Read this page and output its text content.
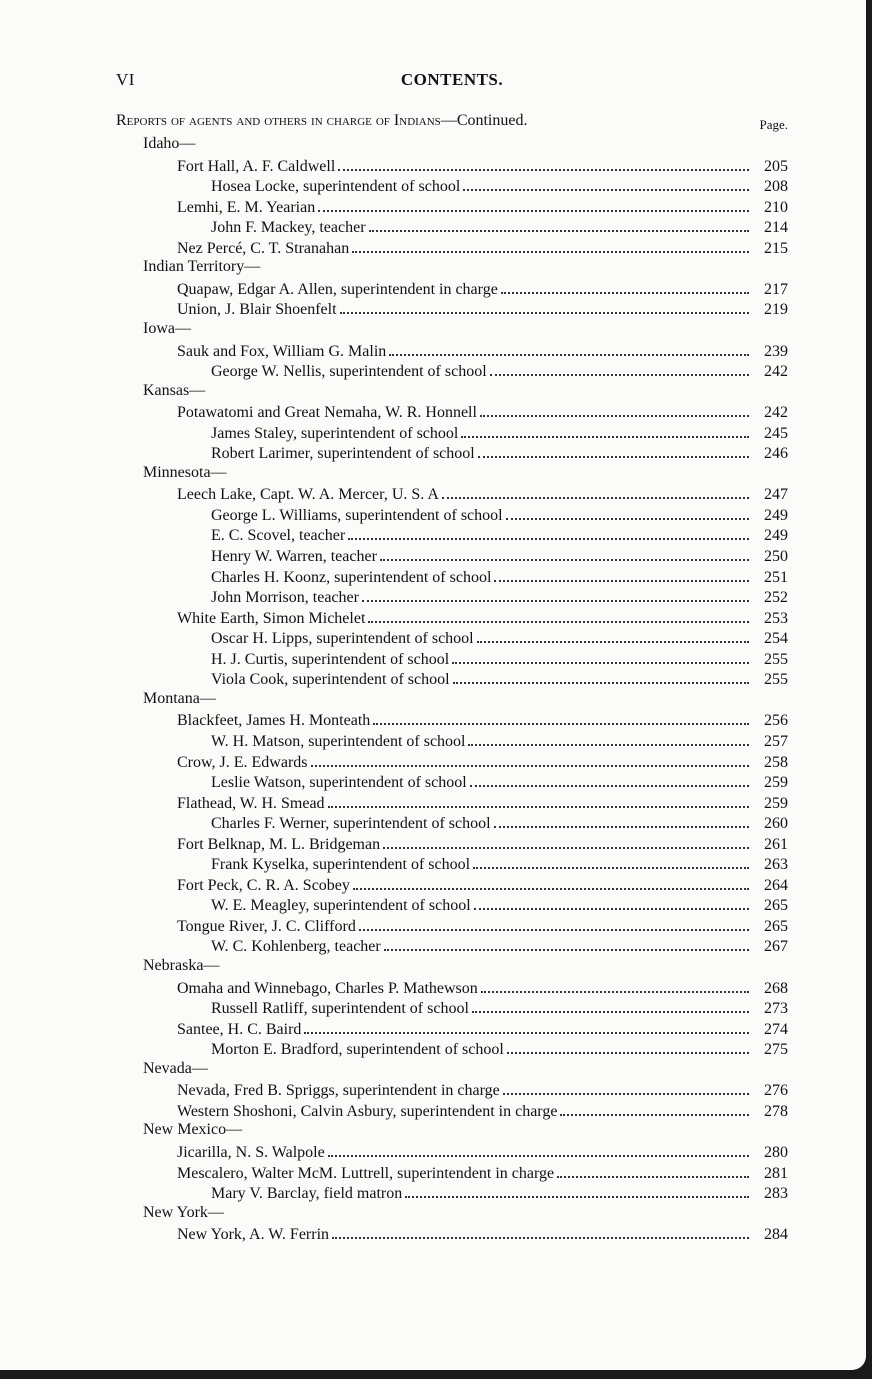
VI	CONTENTS.
Reports of agents and others in charge of Indians—Continued.	Page.
Idaho—
Fort Hall, A. F. Caldwell	205
Hosea Locke, superintendent of school	208
Lemhi, E. M. Yearian	210
John F. Mackey, teacher	214
Nez Percé, C. T. Stranahan	215
Indian Territory—
Quapaw, Edgar A. Allen, superintendent in charge	217
Union, J. Blair Shoenfelt	219
Iowa—
Sauk and Fox, William G. Malin	239
George W. Nellis, superintendent of school	242
Kansas—
Potawatomi and Great Nemaha, W. R. Honnell	242
James Staley, superintendent of school	245
Robert Larimer, superintendent of school	246
Minnesota—
Leech Lake, Capt. W. A. Mercer, U. S. A	247
George L. Williams, superintendent of school	249
E. C. Scovel, teacher	249
Henry W. Warren, teacher	250
Charles H. Koonz, superintendent of school	251
John Morrison, teacher	252
White Earth, Simon Michelet	253
Oscar H. Lipps, superintendent of school	254
H. J. Curtis, superintendent of school	255
Viola Cook, superintendent of school	255
Montana—
Blackfeet, James H. Monteath	256
W. H. Matson, superintendent of school	257
Crow, J. E. Edwards	258
Leslie Watson, superintendent of school	259
Flathead, W. H. Smead	259
Charles F. Werner, superintendent of school	260
Fort Belknap, M. L. Bridgeman	261
Frank Kyselka, superintendent of school	263
Fort Peck, C. R. A. Scobey	264
W. E. Meagley, superintendent of school	265
Tongue River, J. C. Clifford	265
W. C. Kohlenberg, teacher	267
Nebraska—
Omaha and Winnebago, Charles P. Mathewson	268
Russell Ratliff, superintendent of school	273
Santee, H. C. Baird	274
Morton E. Bradford, superintendent of school	275
Nevada—
Nevada, Fred B. Spriggs, superintendent in charge	276
Western Shoshoni, Calvin Asbury, superintendent in charge	278
New Mexico—
Jicarilla, N. S. Walpole	280
Mescalero, Walter McM. Luttrell, superintendent in charge	281
Mary V. Barclay, field matron	283
New York—
New York, A. W. Ferrin	284
